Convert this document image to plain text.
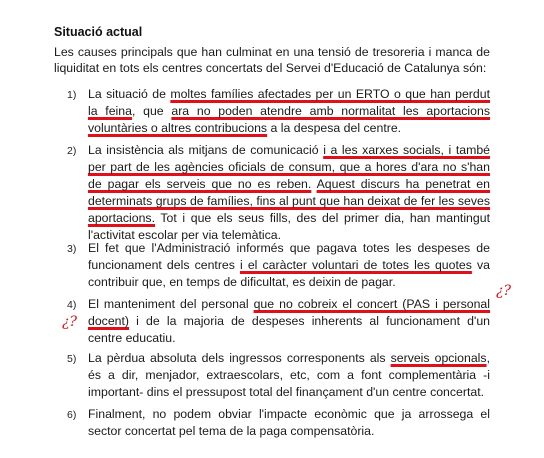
Situació actual

Les causes principals que han culminat en una tensió de tresoreria i manca de liquiditat en tots els centres concertats del Servei d'Educació de Catalunya són:

1) La situació de moltes famílies afectades per un ERTO o que han perdut la feina, que ara no poden atendre amb normalitat les aportacions voluntàries o altres contribucions a la despesa del centre.

2) La insistència als mitjans de comunicació i a les xarxes socials, i també per part de les agències oficials de consum, que a hores d'ara no s'han de pagar els serveis que no es reben. Aquest discurs ha penetrat en determinats grups de famílies, fins al punt que han deixat de fer les seves aportacions. Tot i que els seus fills, des del primer dia, han mantingut l'activitat escolar per via telemàtica.

3) El fet que l'Administració informés que pagava totes les despeses de funcionament dels centres i el caràcter voluntari de totes les quotes va contribuir que, en temps de dificultat, es deixin de pagar.

4) El manteniment del personal que no cobreix el concert (PAS i personal docent) i de la majoria de despeses inherents al funcionament d'un centre educatiu.

5) La pèrdua absoluta dels ingressos corresponents als serveis opcionals, és a dir, menjador, extraescolars, etc, com a font complementària -i important- dins el pressupost total del finançament d'un centre concertat.

6) Finalment, no podem obviar l'impacte econòmic que ja arrossega el sector concertat pel tema de la paga compensatòria.

¿?
¿?
